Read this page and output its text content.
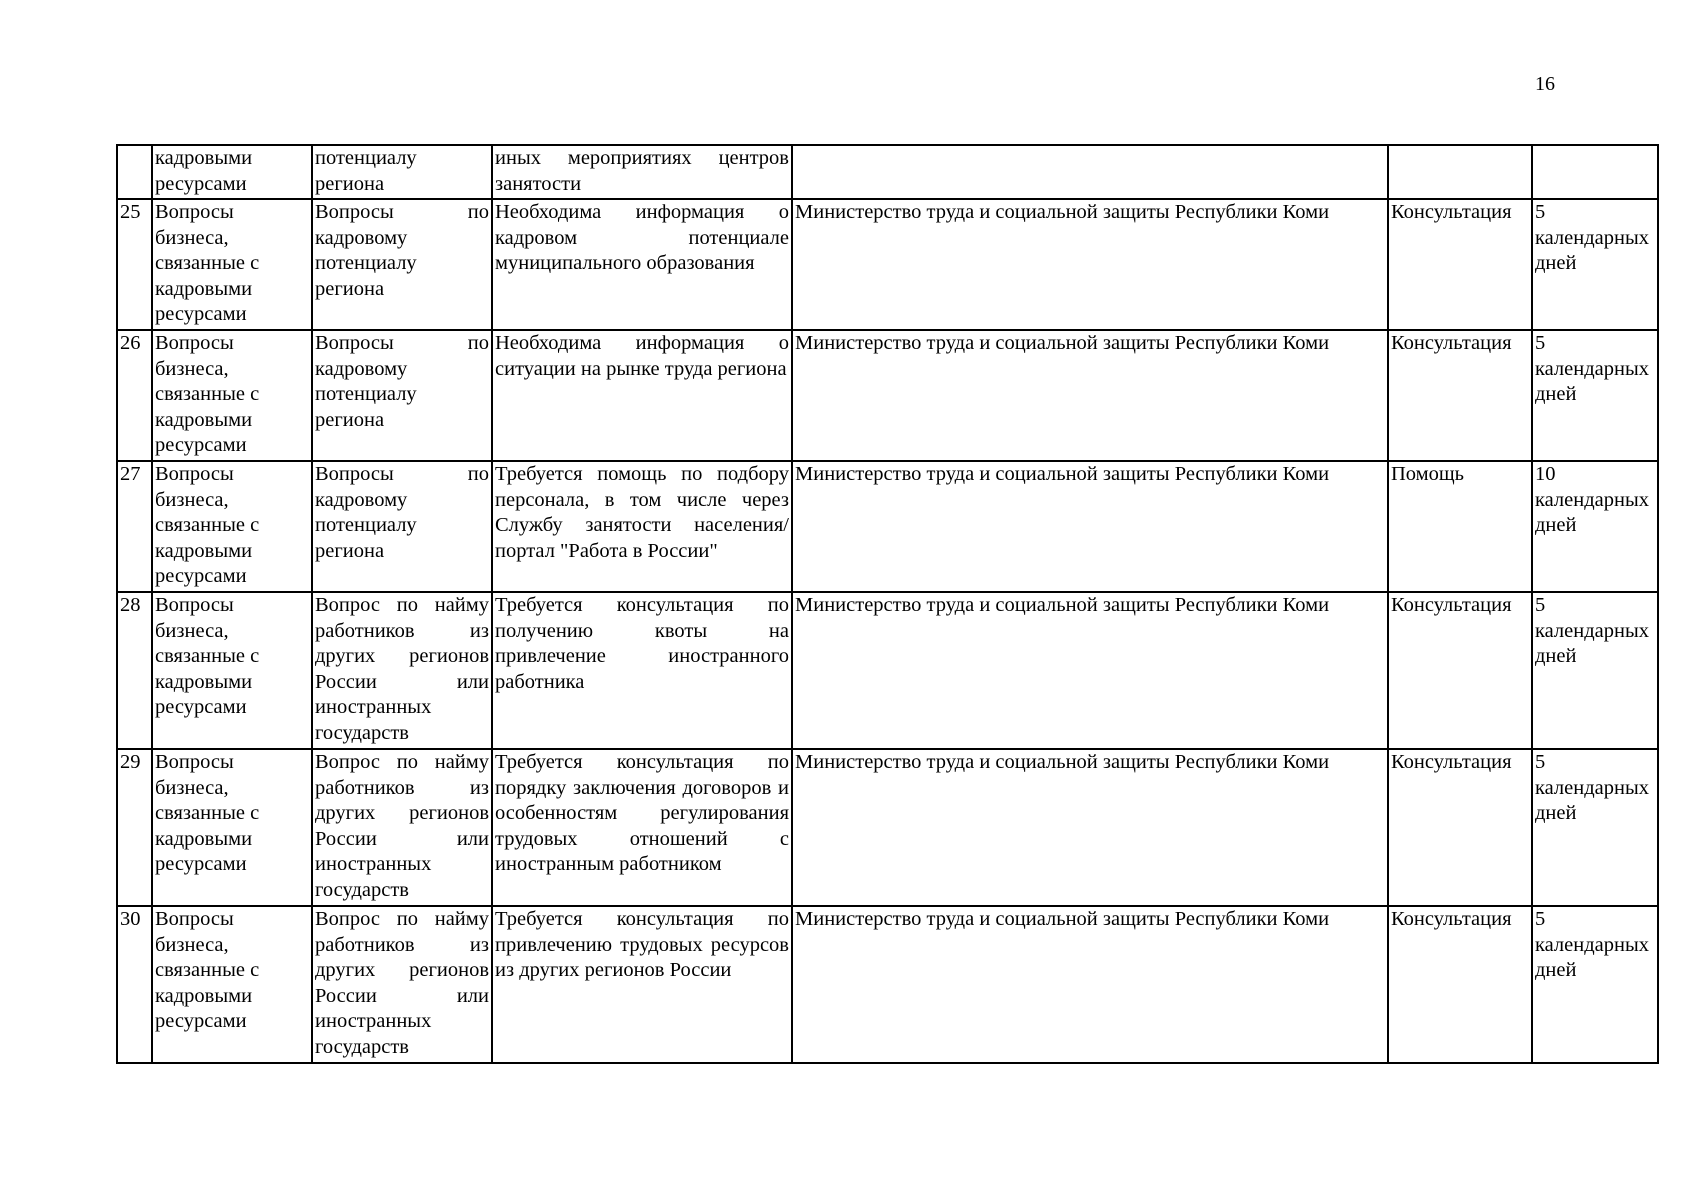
16

	кадровыми ресурсами	потенциалу региона	иных мероприятиях центров занятости			

25	Вопросы бизнеса, связанные с кадровыми ресурсами	Вопросы по кадровому потенциалу региона	Необходима информация о кадровом потенциале муниципального образования	Министерство труда и социальной защиты Республики Коми	Консультация	5 календарных дней
26	Вопросы бизнеса, связанные с кадровыми ресурсами	Вопросы по кадровому потенциалу региона	Необходима информация о ситуации на рынке труда региона	Министерство труда и социальной защиты Республики Коми	Консультация	5 календарных дней
27	Вопросы бизнеса, связанные с кадровыми ресурсами	Вопросы по кадровому потенциалу региона	Требуется помощь по подбору персонала, в том числе через Службу занятости населения/портал "Работа в России"	Министерство труда и социальной защиты Республики Коми	Помощь	10 календарных дней
28	Вопросы бизнеса, связанные с кадровыми ресурсами	Вопрос по найму работников из других регионов России или иностранных государств	Требуется консультация по получению квоты на привлечение иностранного работника	Министерство труда и социальной защиты Республики Коми	Консультация	5 календарных дней
29	Вопросы бизнеса, связанные с кадровыми ресурсами	Вопрос по найму работников из других регионов России или иностранных государств	Требуется консультация по порядку заключения договоров и особенностям регулирования трудовых отношений с иностранным работником	Министерство труда и социальной защиты Республики Коми	Консультация	5 календарных дней
30	Вопросы бизнеса, связанные с кадровыми ресурсами	Вопрос по найму работников из других регионов России или иностранных государств	Требуется консультация по привлечению трудовых ресурсов из других регионов России	Министерство труда и социальной защиты Республики Коми	Консультация	5 календарных дней
